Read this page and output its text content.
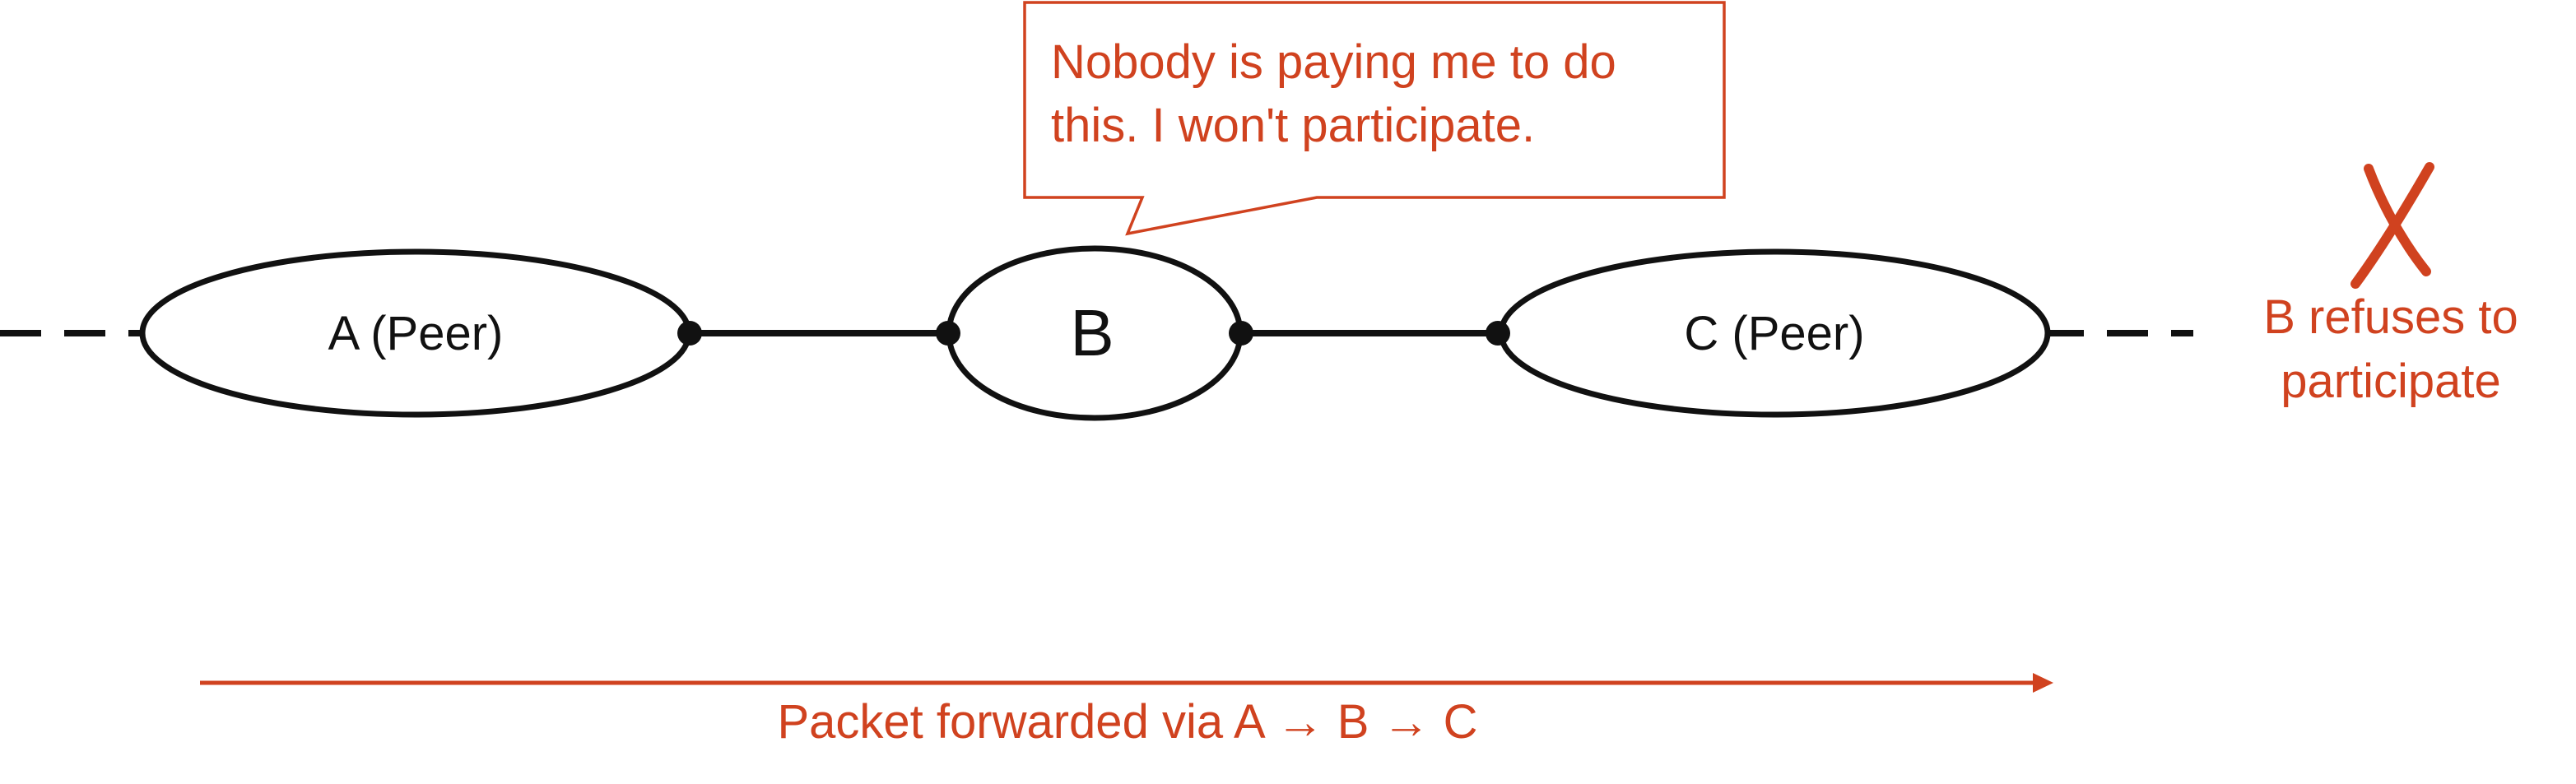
A (Peer)	B	C (Peer)
Nobody is paying me to do
this. I won't participate.
B refuses to
participate
Packet forwarded via A → B → C
